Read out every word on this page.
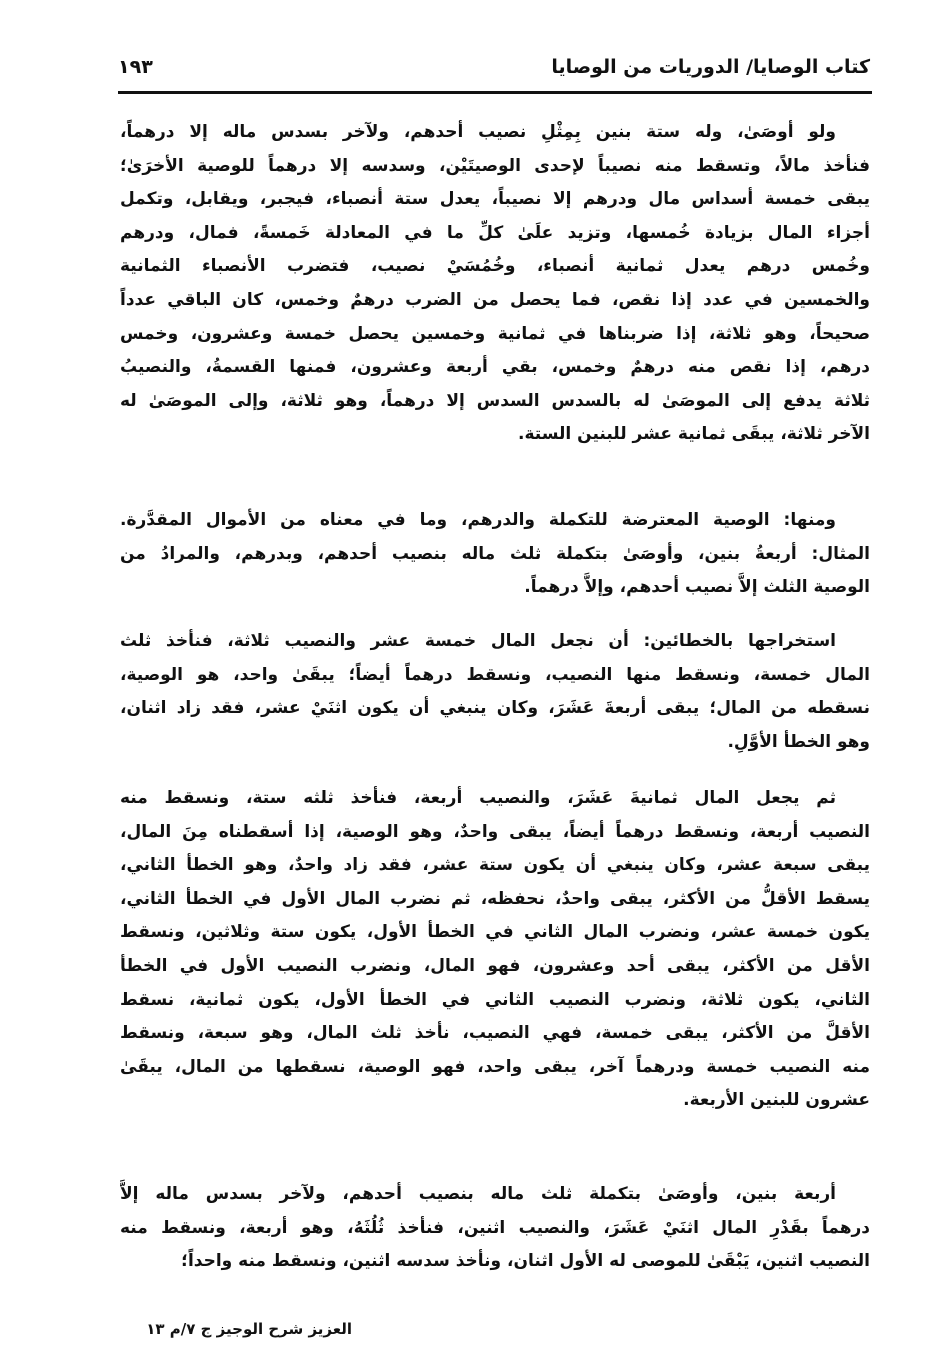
كتاب الوصايا/ الدوريات من الوصايا
١٩٣
ولو أوصَىٰ، وله ستة بنين بِمِثْلِ نصيب أحدهم، ولآخر بسدس ماله إلا درهماً،
فنأخذ مالاً، وتسقط منه نصيباً لإحدى الوصيتَيْن، وسدسه إلا درهماً للوصية الأخرَىٰ؛
يبقى خمسة أسداس مال ودرهم إلا نصيباً، يعدل ستة أنصباء، فيجبر، ويقابل، وتكمل
أجزاء المال بزيادة خُمسها، وتزيد علَىٰ كلِّ ما في المعادلة خَمسةً، فمال، ودرهم
وخُمس درهم يعدل ثمانية أنصباء، وخُمُسَيْ نصيب، فتضرب الأنصباء الثمانية
والخمسين في عدد إذا نقص، فما يحصل من الضرب درهمٌ وخمس، كان الباقي عدداً
صحيحاً، وهو ثلاثة، إذا ضربناها في ثمانية وخمسين يحصل خمسة وعشرون، وخمس
درهم، إذا نقص منه درهمٌ وخمس، بقي أربعة وعشرون، فمنها القسمةُ، والنصيبُ
ثلاثة يدفع إلى الموصَىٰ له بالسدس السدس إلا درهماً، وهو ثلاثة، وإلى الموصَىٰ له
الآخر ثلاثة، يبقَى ثمانية عشر للبنين الستة.
ومنها: الوصية المعترضة للتكملة والدرهم، وما في معناه من الأموال المقدَّرة.
المثال: أربعةُ بنين، وأوصَىٰ بتكملة ثلث ماله بنصيب أحدهم، وبدرهم، والمرادُ من
الوصية الثلث إلاَّ نصيب أحدهم، وإلاَّ درهماً.
استخراجها بالخطائين: أن نجعل المال خمسة عشر والنصيب ثلاثة، فنأخذ ثلث
المال خمسة، ونسقط منها النصيب، ونسقط درهماً أيضاً؛ يبقَىٰ واحد، هو الوصية،
نسقطه من المال؛ يبقى أربعةَ عَشَرَ، وكان ينبغي أن يكون اثنَيْ عشر، فقد زاد اثنان،
وهو الخطأ الأوَّلِ.
ثم يجعل المال ثمانيةَ عَشَرَ، والنصيب أربعة، فنأخذ ثلثه ستة، ونسقط منه
النصيب أربعة، ونسقط درهماً أيضاً، يبقى واحدٌ، وهو الوصية، إذا أسقطناه مِنَ المال،
يبقى سبعة عشر، وكان ينبغي أن يكون ستة عشر، فقد زاد واحدٌ، وهو الخطأ الثاني،
يسقط الأقلُّ من الأكثر، يبقى واحدٌ، نحفظه، ثم نضرب المال الأول في الخطأ الثاني،
يكون خمسة عشر، ونضرب المال الثاني في الخطأ الأول، يكون ستة وثلاثين، ونسقط
الأقل من الأكثر، يبقى أحد وعشرون، فهو المال، ونضرب النصيب الأول في الخطأ
الثاني، يكون ثلاثة، ونضرب النصيب الثاني في الخطأ الأول، يكون ثمانية، نسقط
الأقلَّ من الأكثر، يبقى خمسة، فهي النصيب، نأخذ ثلث المال، وهو سبعة، ونسقط
منه النصيب خمسة ودرهماً آخر، يبقى واحد، فهو الوصية، نسقطها من المال، يبقَىٰ
عشرون للبنين الأربعة.
أربعة بنين، وأوصَىٰ بتكملة ثلث ماله بنصيب أحدهم، ولآخر بسدس ماله إلاَّ
درهماً بقَدْرِ المال اثنَيْ عَشَرَ، والنصيب اثنين، فنأخذ ثُلُثَهُ، وهو أربعة، ونسقط منه
النصيب اثنين، يَبْقَىٰ للموصى له الأول اثنان، ونأخذ سدسه اثنين، ونسقط منه واحداً؛
العزيز شرح الوجيز ج ٧/م ١٣
